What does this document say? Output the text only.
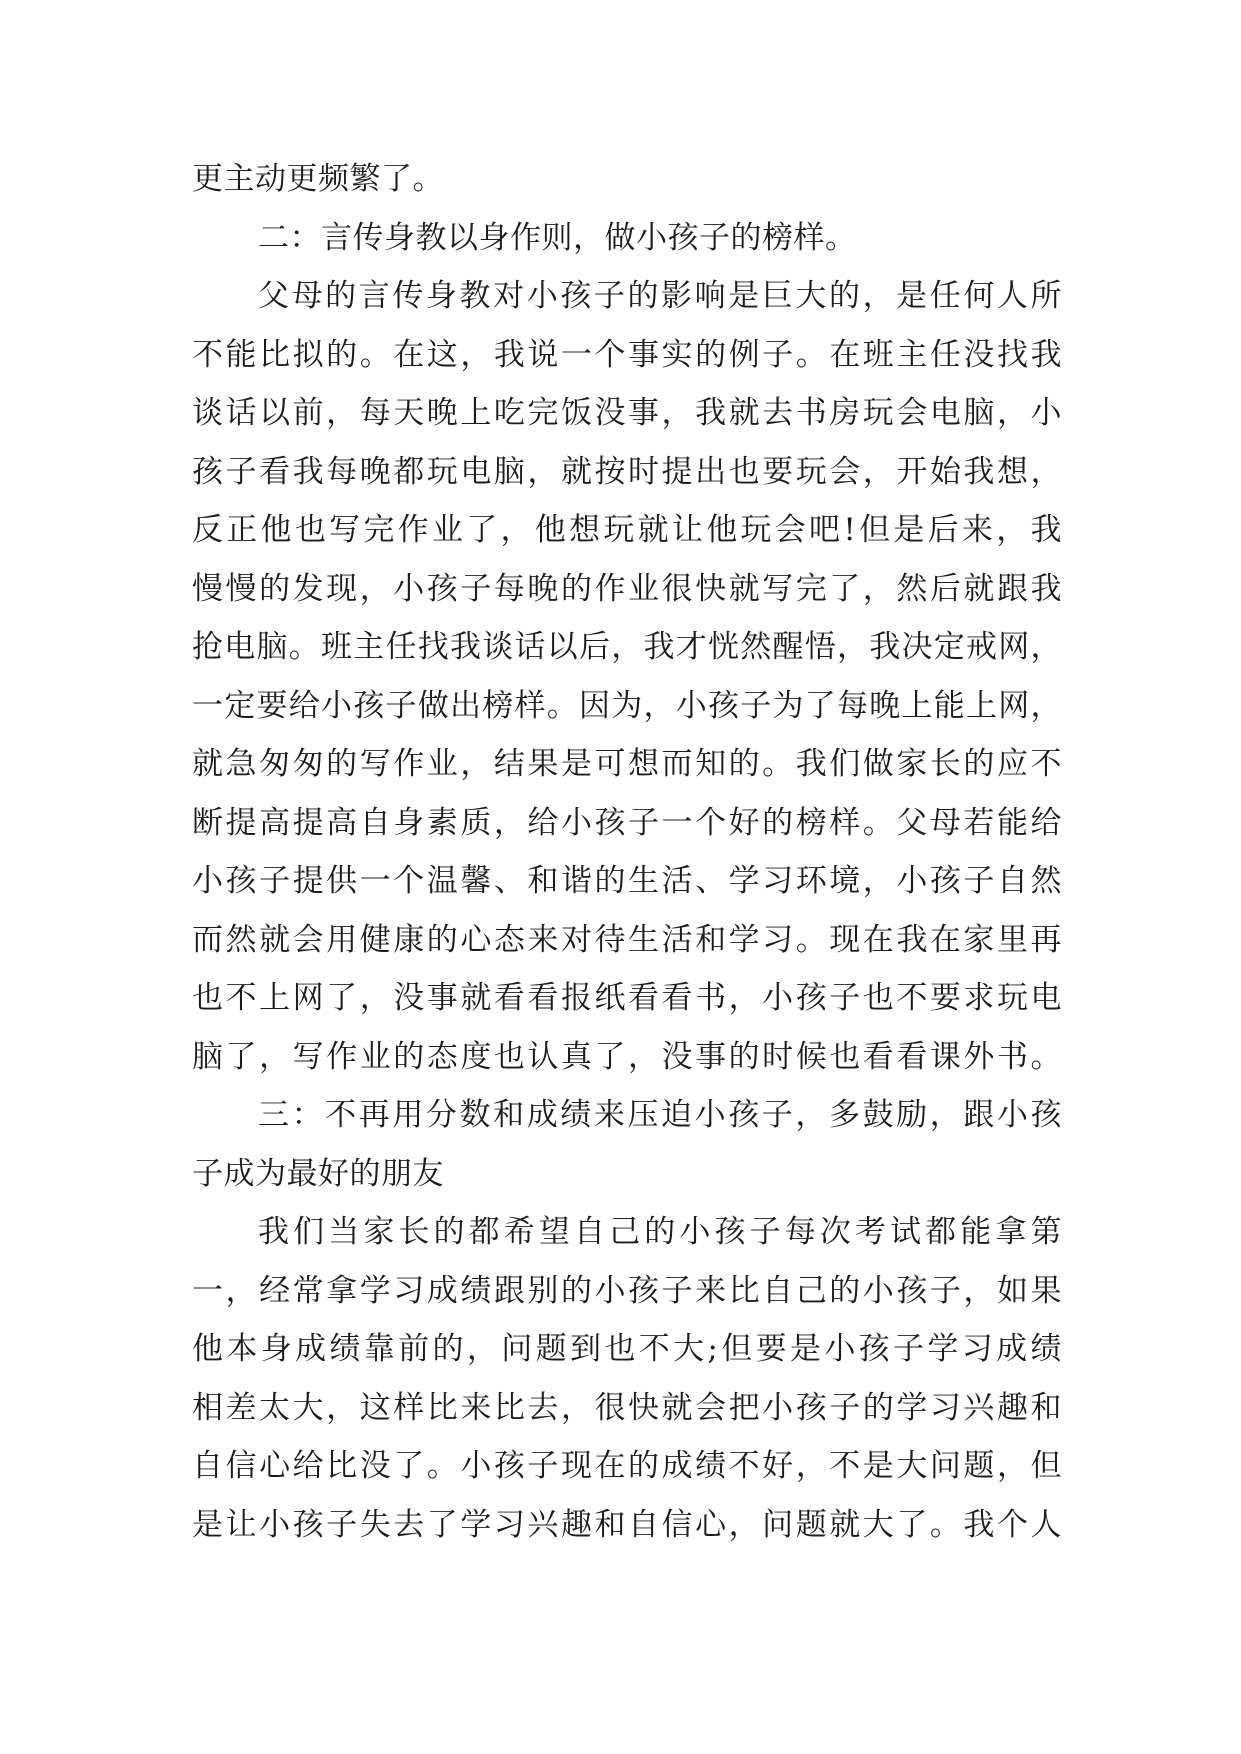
更主动更频繁了。
二：言传身教以身作则，做小孩子的榜样。
父母的言传身教对小孩子的影响是巨大的，是任何人所
不能比拟的。在这，我说一个事实的例子。在班主任没找我
谈话以前，每天晚上吃完饭没事，我就去书房玩会电脑，小
孩子看我每晚都玩电脑，就按时提出也要玩会，开始我想，
反正他也写完作业了，他想玩就让他玩会吧!但是后来，我
慢慢的发现，小孩子每晚的作业很快就写完了，然后就跟我
抢电脑。班主任找我谈话以后，我才恍然醒悟，我决定戒网，
一定要给小孩子做出榜样。因为，小孩子为了每晚上能上网，
就急匆匆的写作业，结果是可想而知的。我们做家长的应不
断提高提高自身素质，给小孩子一个好的榜样。父母若能给
小孩子提供一个温馨、和谐的生活、学习环境，小孩子自然
而然就会用健康的心态来对待生活和学习。现在我在家里再
也不上网了，没事就看看报纸看看书，小孩子也不要求玩电
脑了，写作业的态度也认真了，没事的时候也看看课外书。
三：不再用分数和成绩来压迫小孩子，多鼓励，跟小孩
子成为最好的朋友
我们当家长的都希望自己的小孩子每次考试都能拿第
一，经常拿学习成绩跟别的小孩子来比自己的小孩子，如果
他本身成绩靠前的，问题到也不大;但要是小孩子学习成绩
相差太大，这样比来比去，很快就会把小孩子的学习兴趣和
自信心给比没了。小孩子现在的成绩不好，不是大问题，但
是让小孩子失去了学习兴趣和自信心，问题就大了。我个人
